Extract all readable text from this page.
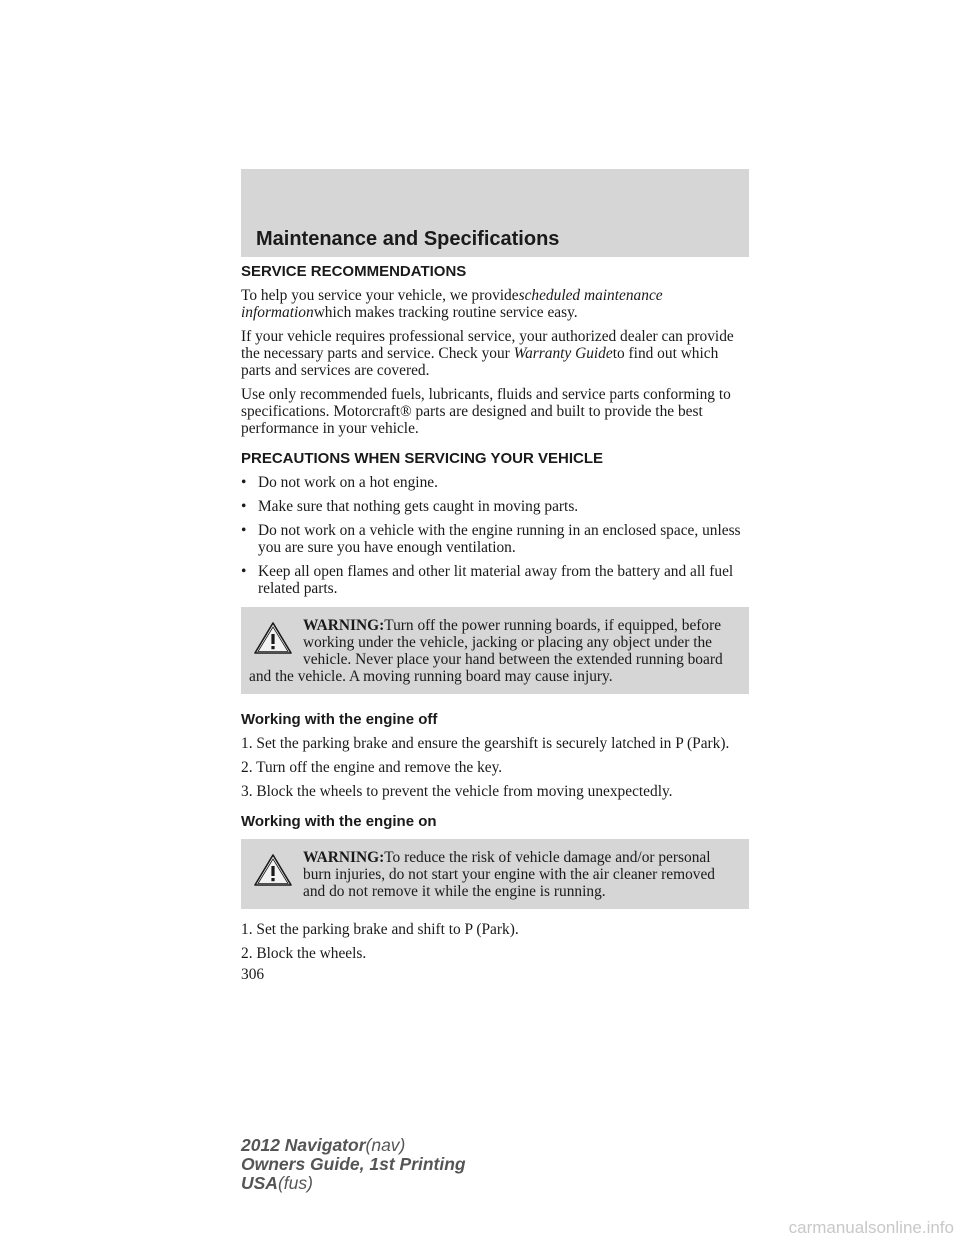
Maintenance and Specifications
SERVICE RECOMMENDATIONS

To help you service your vehicle, we providescheduled maintenance informationwhich makes tracking routine service easy.

If your vehicle requires professional service, your authorized dealer can provide the necessary parts and service. Check your Warranty Guideto find out which parts and services are covered.

Use only recommended fuels, lubricants, fluids and service parts conforming to specifications. Motorcraft® parts are designed and built to provide the best performance in your vehicle.

PRECAUTIONS WHEN SERVICING YOUR VEHICLE
• Do not work on a hot engine.
• Make sure that nothing gets caught in moving parts.
• Do not work on a vehicle with the engine running in an enclosed space, unless you are sure you have enough ventilation.
• Keep all open flames and other lit material away from the battery and all fuel related parts.
WARNING:Turn off the power running boards, if equipped, before working under the vehicle, jacking or placing any object under the vehicle. Never place your hand between the extended running board and the vehicle. A moving running board may cause injury.
Working with the engine off

1. Set the parking brake and ensure the gearshift is securely latched in P (Park).

2. Turn off the engine and remove the key.

3. Block the wheels to prevent the vehicle from moving unexpectedly.

Working with the engine on
WARNING:To reduce the risk of vehicle damage and/or personal burn injuries, do not start your engine with the air cleaner removed and do not remove it while the engine is running.

1. Set the parking brake and shift to P (Park).

2. Block the wheels.

306
2012 Navigator(nav)
Owners Guide, 1st Printing
USA(fus)
carmanualsonline.info
